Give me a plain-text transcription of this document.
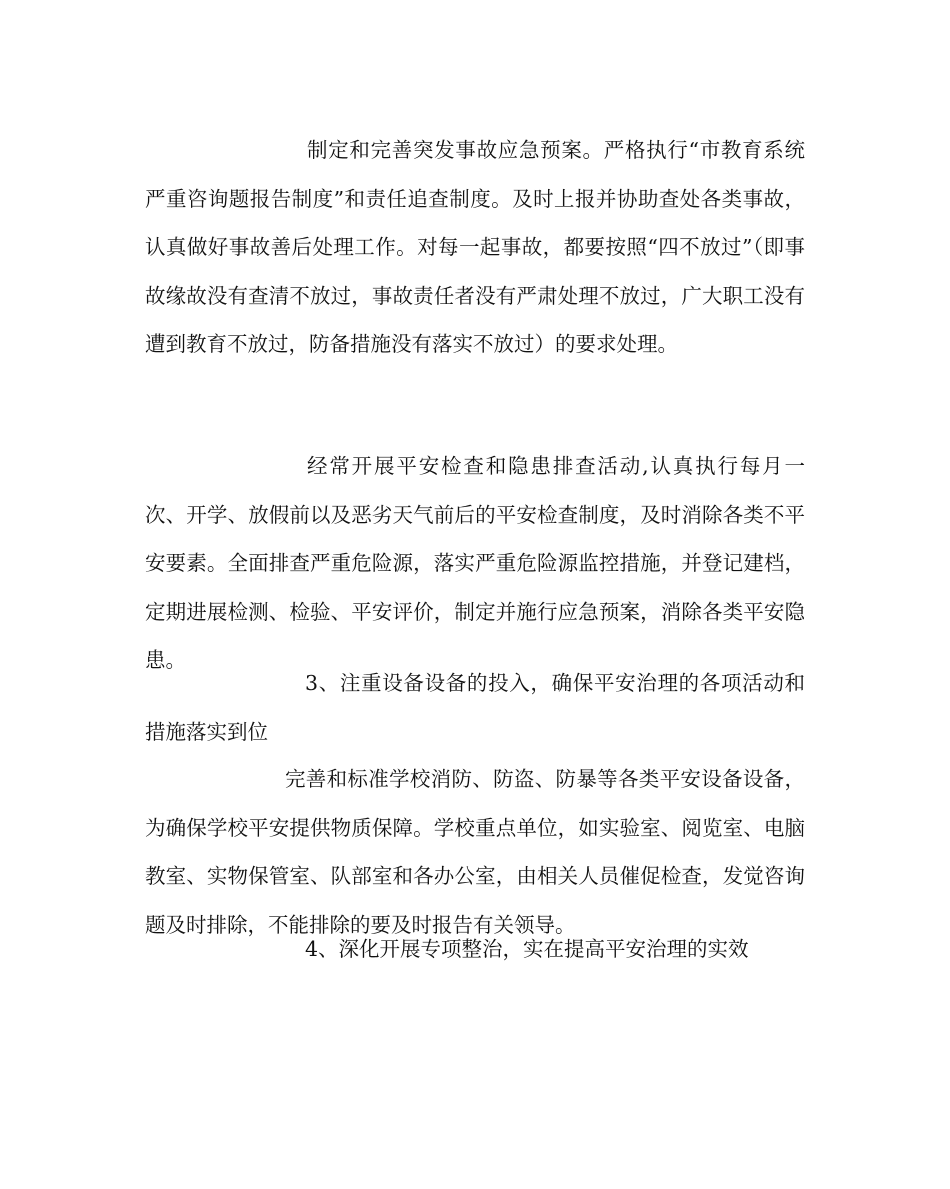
制定和完善突发事故应急预案。严格执行“市教育系统严重咨询题报告制度”和责任追查制度。及时上报并协助查处各类事故，认真做好事故善后处理工作。对每一起事故，都要按照“四不放过”（即事故缘故没有查清不放过，事故责任者没有严肃处理不放过，广大职工没有遭到教育不放过，防备措施没有落实不放过）的要求处理。

经常开展平安检查和隐患排查活动,认真执行每月一次、开学、放假前以及恶劣天气前后的平安检查制度，及时消除各类不平安要素。全面排查严重危险源，落实严重危险源监控措施，并登记建档，定期进展检测、检验、平安评价，制定并施行应急预案，消除各类平安隐患。

3、注重设备设备的投入，确保平安治理的各项活动和措施落实到位

完善和标准学校消防、防盗、防暴等各类平安设备设备，为确保学校平安提供物质保障。学校重点单位，如实验室、阅览室、电脑教室、实物保管室、队部室和各办公室，由相关人员催促检查，发觉咨询题及时排除，不能排除的要及时报告有关领导。

4、深化开展专项整治，实在提高平安治理的实效
